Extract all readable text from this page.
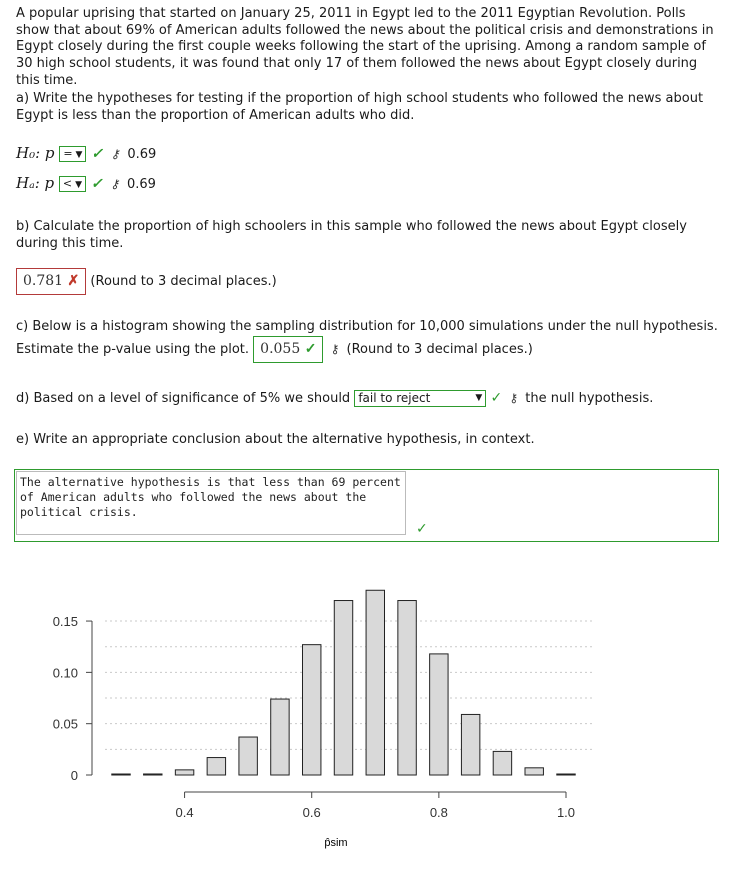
A popular uprising that started on January 25, 2011 in Egypt led to the 2011 Egyptian Revolution. Polls show that about 69% of American adults followed the news about the political crisis and demonstrations in Egypt closely during the first couple weeks following the start of the uprising. Among a random sample of 30 high school students, it was found that only 17 of them followed the news about Egypt closely during this time.
a) Write the hypotheses for testing if the proportion of high school students who followed the news about Egypt is less than the proportion of American adults who did.
H₀: p = ▼ ✓ ⚷ 0.69
Hₐ: p < ▼ ✓ ⚷ 0.69
b) Calculate the proportion of high schoolers in this sample who followed the news about Egypt closely during this time.
0.781 ✗ (Round to 3 decimal places.)
c) Below is a histogram showing the sampling distribution for 10,000 simulations under the null hypothesis.
Estimate the p-value using the plot. 0.055 ✓ ⚷ (Round to 3 decimal places.)
d) Based on a level of significance of 5% we should fail to reject	▼ ✓ ⚷ the null hypothesis.
e) Write an appropriate conclusion about the alternative hypothesis, in context.
The alternative hypothesis is that less than 69 percent of American adults who followed the news about the political crisis.
✓
0
0.05
0.10
0.15
0.4	0.6	0.8	1.0
p̂sim
